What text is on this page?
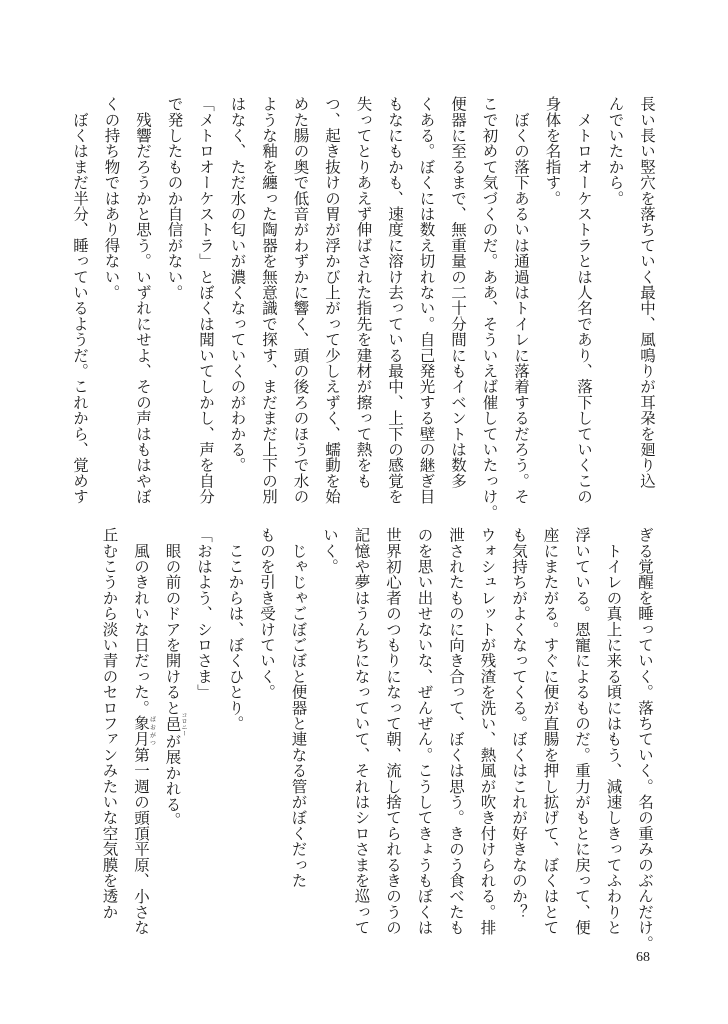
長い長い竪穴を落ちていく最中、風鳴りが耳朶を廻り込
んでいたから。
　メトロオーケストラとは人名であり、落下していくこの
身体を名指す。
　ぼくの落下あるいは通過はトイレに落着するだろう。そ
こで初めて気づくのだ。ああ、そういえば催していたっけ。
便器に至るまで、無重量の二十分間にもイベントは数多
くある。ぼくには数え切れない。自己発光する壁の継ぎ目
もなにもかも、速度に溶け去っている最中、上下の感覚を
失ってとりあえず伸ばされた指先を建材が擦って熱をも
つ、起き抜けの胃が浮かび上がって少しえずく、蠕動を始
めた腸の奥で低音がわずかに響く、頭の後ろのほうで水の
ような釉を纏った陶器を無意識で探す、まだまだ上下の別
はなく、ただ水の匂いが濃くなっていくのがわかる。
「メトロオーケストラ」とぼくは聞いてしかし、声を自分
で発したものか自信がない。
　残響だろうかと思う。いずれにせよ、その声はもはやぼ
くの持ち物ではあり得ない。
　ぼくはまだ半分、睡っているようだ。これから、覚めす
ぎる覚醒を睡っていく。落ちていく。名の重みのぶんだけ。
　トイレの真上に来る頃にはもう、減速しきってふわりと
浮いている。恩寵によるものだ。重力がもとに戻って、便
座にまたがる。すぐに便が直腸を押し拡げて、ぼくはとて
も気持ちがよくなってくる。ぼくはこれが好きなのか？
ウォシュレットが残渣を洗い、熱風が吹き付けられる。排
泄されたものに向き合って、ぼくは思う。きのう食べたも
のを思い出せないな、ぜんぜん。こうしてきょうもぼくは
世界初心者のつもりになって朝、流し捨てられるきのうの
記憶や夢はうんちになっていて、それはシロさまを巡って
いく。
　じゃじゃごぼごぼと便器と連なる管がぼくだった
ものを引き受けていく。
　ここからは、ぼくひとり。
「おはよう、シロさま」
　眼の前のドアを開けると邑コロニーが展かれる。
　風のきれいな日だった。象月ばおがつ第一週の頭頂平原、小さな
丘むこうから淡い青のセロファンみたいな空気膜を透か
68
